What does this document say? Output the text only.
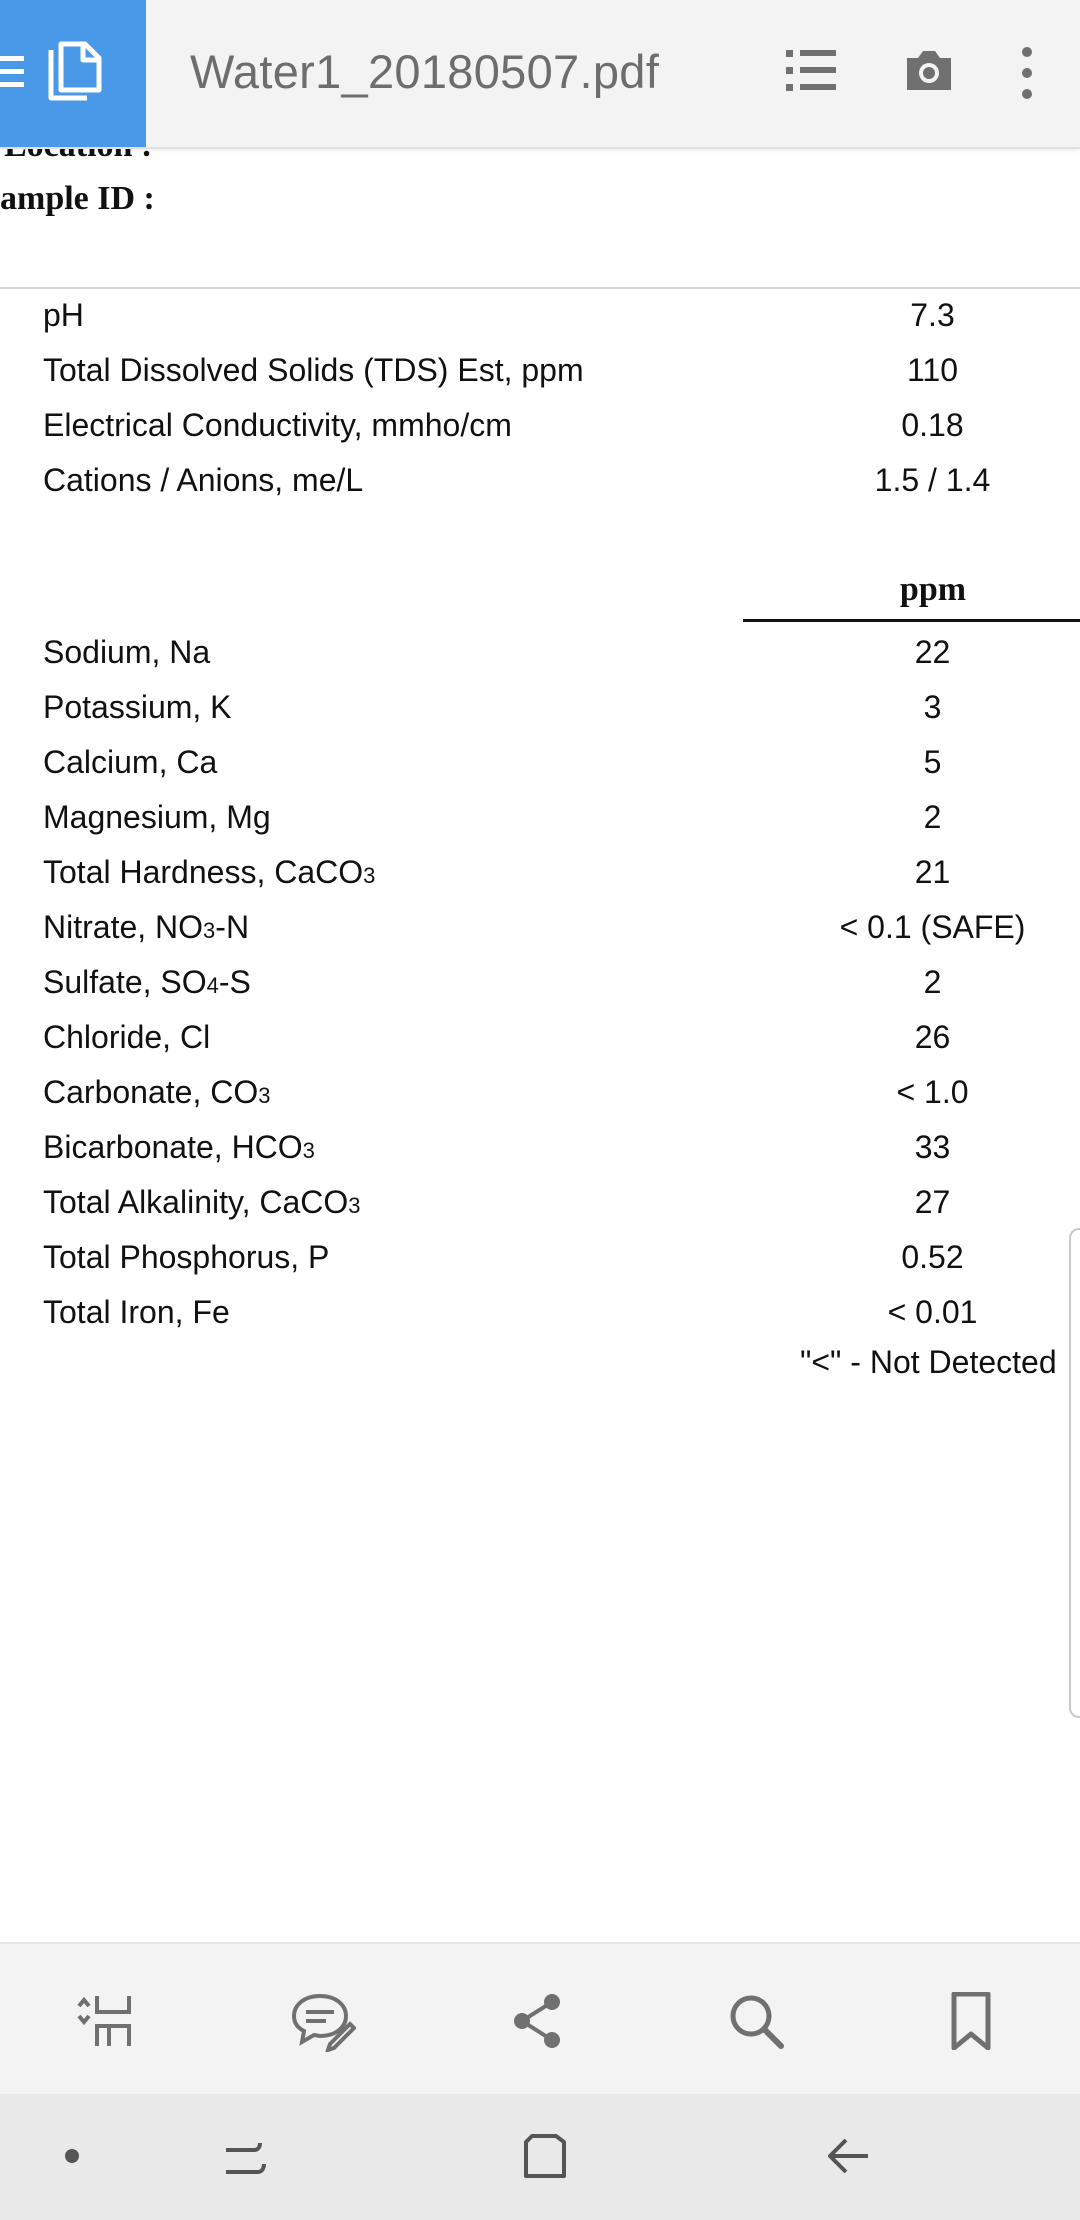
Water1_20180507.pdf
ample ID :
pH	7.3
Total Dissolved Solids (TDS) Est, ppm	110
Electrical Conductivity, mmho/cm	0.18
Cations / Anions, me/L	1.5 / 1.4
ppm
Sodium, Na	22
Potassium, K	3
Calcium, Ca	5
Magnesium, Mg	2
Total Hardness, CaCO3	21
Nitrate, NO3-N	< 0.1 (SAFE)
Sulfate, SO4-S	2
Chloride, Cl	26
Carbonate, CO3	< 1.0
Bicarbonate, HCO3	33
Total Alkalinity, CaCO3	27
Total Phosphorus, P	0.52
Total Iron, Fe	< 0.01
"<" - Not Detected
